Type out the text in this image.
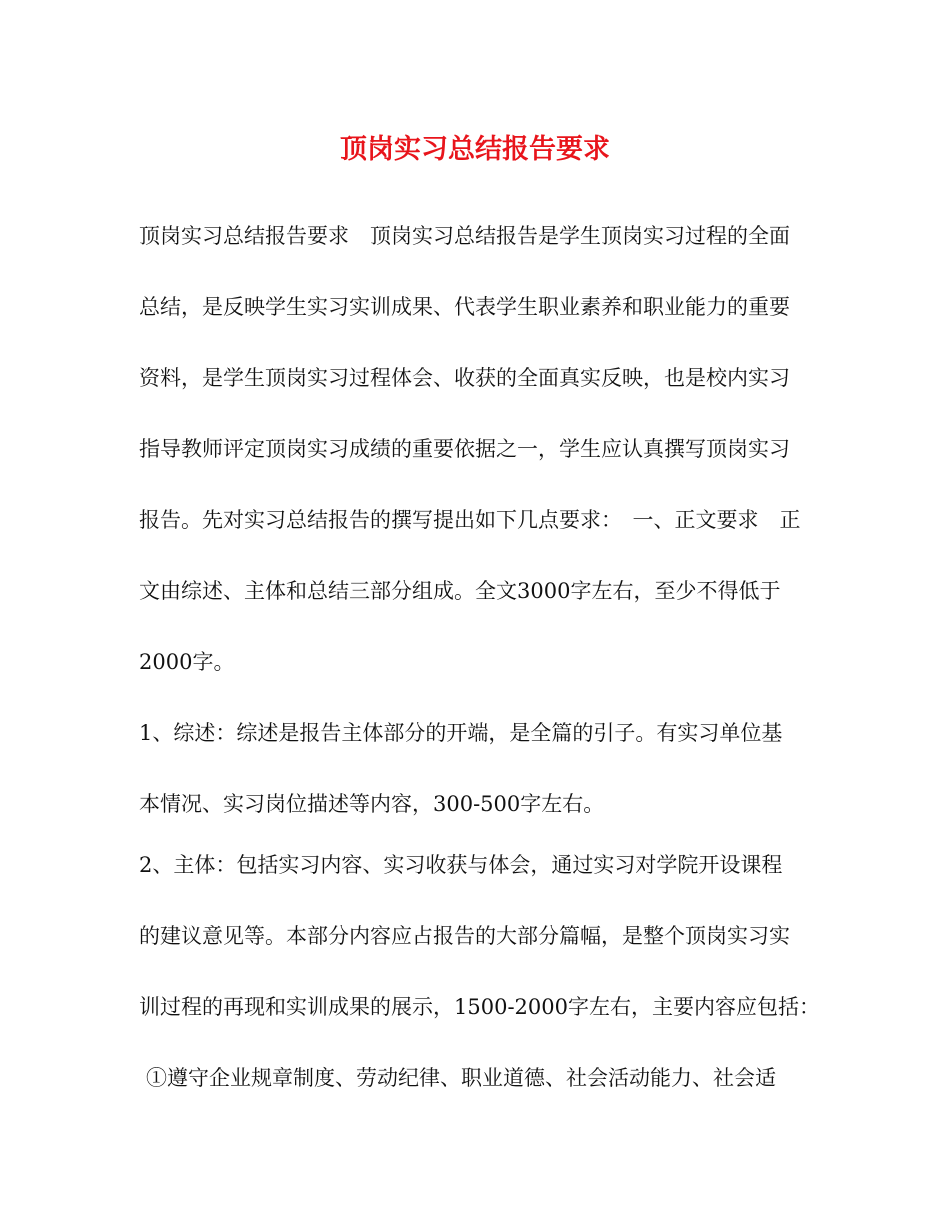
顶岗实习总结报告要求

顶岗实习总结报告要求　顶岗实习总结报告是学生顶岗实习过程的全面

总结，是反映学生实习实训成果、代表学生职业素养和职业能力的重要

资料，是学生顶岗实习过程体会、收获的全面真实反映，也是校内实习

指导教师评定顶岗实习成绩的重要依据之一，学生应认真撰写顶岗实习

报告。先对实习总结报告的撰写提出如下几点要求：　一、正文要求　正

文由综述、主体和总结三部分组成。全文3000字左右，至少不得低于

2000字。

1、综述：综述是报告主体部分的开端，是全篇的引子。有实习单位基

本情况、实习岗位描述等内容，300-500字左右。

2、主体：包括实习内容、实习收获与体会，通过实习对学院开设课程

的建议意见等。本部分内容应占报告的大部分篇幅，是整个顶岗实习实

训过程的再现和实训成果的展示，1500-2000字左右，主要内容应包括：

①遵守企业规章制度、劳动纪律、职业道德、社会活动能力、社会适
